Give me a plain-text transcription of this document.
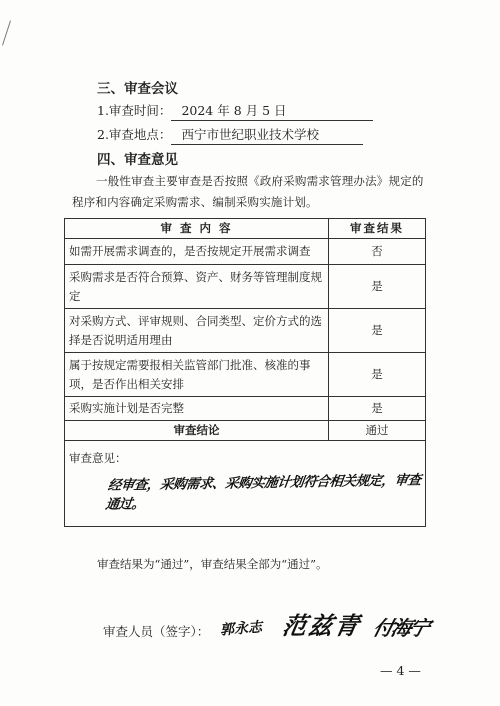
三、审查会议
1.审查时间： 2024 年 8 月 5 日
2.审查地点： 西宁市世纪职业技术学校
四、审查意见
一般性审查主要审查是否按照《政府采购需求管理办法》规定的程序和内容确定采购需求、编制采购实施计划。
审 查 内 容	审查结果
如需开展需求调查的，是否按规定开展需求调查	否
采购需求是否符合预算、资产、财务等管理制度规定	是
对采购方式、评审规则、合同类型、定价方式的选择是否说明适用理由	是
属于按规定需要报相关监管部门批准、核准的事项，是否作出相关安排	是
采购实施计划是否完整	是
审查结论	通过

审查意见：
经审查，采购需求、采购实施计划符合相关规定，审查通过。	
审查结果为“通过”，审查结果全部为“通过”。
审查人员（签字）： 郭永志 范兹青 付海宁
— 4 —
